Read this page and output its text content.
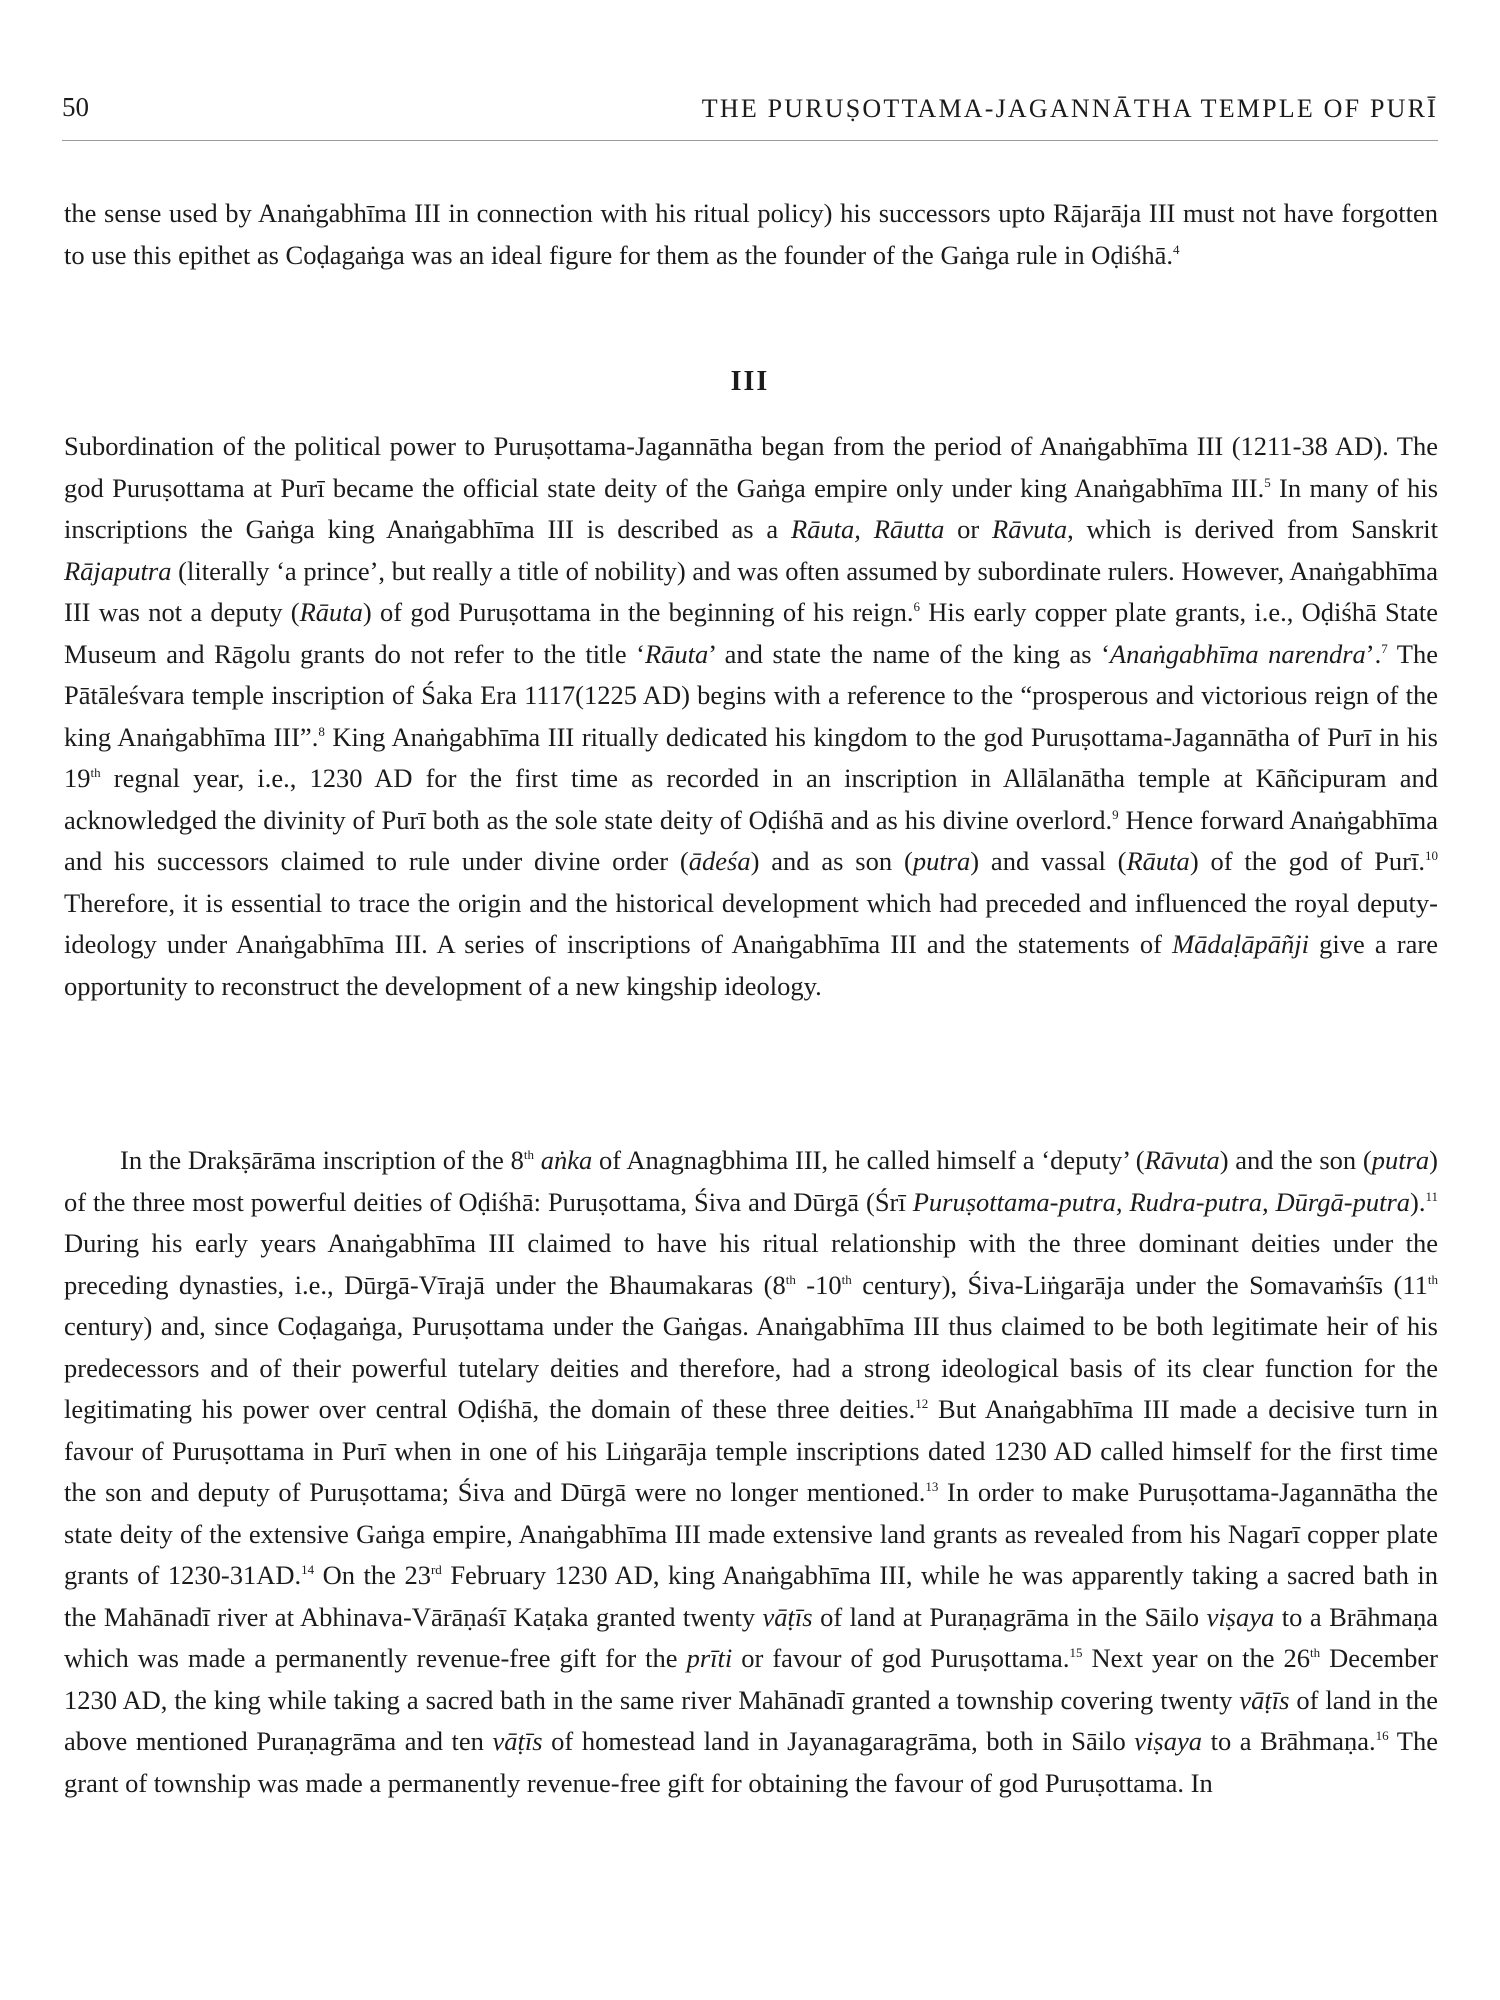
50	THE PURUṢOTTAMA-JAGANNĀTHA TEMPLE OF PURĪ

the sense used by Anaṅgabhīma III in connection with his ritual policy) his successors upto Rājarāja III must not have forgotten to use this epithet as Coḍagaṅga was an ideal figure for them as the founder of the Gaṅga rule in Oḍiśhā.$^4$

III

Subordination of the political power to Puruṣottama-Jagannātha began from the period of Anaṅgabhīma III (1211-38 AD). The god Puruṣottama at Purī became the official state deity of the Gaṅga empire only under king Anaṅgabhīma III.$^5$ In many of his inscriptions the Gaṅga king Anaṅgabhīma III is described as a Rāuta, Rāutta or Rāvuta, which is derived from Sanskrit Rājaputra (literally ‘a prince’, but really a title of nobility) and was often assumed by subordinate rulers. However, Anaṅgabhīma III was not a deputy (Rāuta) of god Puruṣottama in the beginning of his reign.$^6$ His early copper plate grants, i.e., Oḍiśhā State Museum and Rāgolu grants do not refer to the title ‘Rāuta’ and state the name of the king as ‘Anaṅgabhīma narendra’.$^7$ The Pātāleśvara temple inscription of Śaka Era 1117(1225 AD) begins with a reference to the “prosperous and victorious reign of the king Anaṅgabhīma III”.$^8$ King Anaṅgabhīma III ritually dedicated his kingdom to the god Puruṣottama-Jagannātha of Purī in his 19th regnal year, i.e., 1230 AD for the first time as recorded in an inscription in Allālanātha temple at Kāñcipuram and acknowledged the divinity of Purī both as the sole state deity of Oḍiśhā and as his divine overlord.$^9$ Hence forward Anaṅgabhīma and his successors claimed to rule under divine order (ādeśa) and as son (putra) and vassal (Rāuta) of the god of Purī.$^{10}$ Therefore, it is essential to trace the origin and the historical development which had preceded and influenced the royal deputy-ideology under Anaṅgabhīma III. A series of inscriptions of Anaṅgabhīma III and the statements of Mādaḷāpāñji give a rare opportunity to reconstruct the development of a new kingship ideology.

In the Drakṣārāma inscription of the 8th aṅka of Anagnagbhima III, he called himself a ‘deputy’ (Rāvuta) and the son (putra) of the three most powerful deities of Oḍiśhā: Puruṣottama, Śiva and Dūrgā (Śrī Puruṣottama-putra, Rudra-putra, Dūrgā-putra).$^{11}$ During his early years Anaṅgabhīma III claimed to have his ritual relationship with the three dominant deities under the preceding dynasties, i.e., Dūrgā-Vīrajā under the Bhaumakaras (8th -10th century), Śiva-Liṅgarāja under the Somavaṁśīs (11th century) and, since Coḍagaṅga, Puruṣottama under the Gaṅgas. Anaṅgabhīma III thus claimed to be both legitimate heir of his predecessors and of their powerful tutelary deities and therefore, had a strong ideological basis of its clear function for the legitimating his power over central Oḍiśhā, the domain of these three deities.$^{12}$ But Anaṅgabhīma III made a decisive turn in favour of Puruṣottama in Purī when in one of his Liṅgarāja temple inscriptions dated 1230 AD called himself for the first time the son and deputy of Puruṣottama; Śiva and Dūrgā were no longer mentioned.$^{13}$ In order to make Puruṣottama-Jagannātha the state deity of the extensive Gaṅga empire, Anaṅgabhīma III made extensive land grants as revealed from his Nagarī copper plate grants of 1230-31AD.$^{14}$ On the 23rd February 1230 AD, king Anaṅgabhīma III, while he was apparently taking a sacred bath in the Mahānadī river at Abhinava-Vārāṇaśī Kaṭaka granted twenty vāṭīs of land at Puraṇagrāma in the Sāilo viṣaya to a Brāhmaṇa which was made a permanently revenue-free gift for the prīti or favour of god Puruṣottama.$^{15}$ Next year on the 26th December 1230 AD, the king while taking a sacred bath in the same river Mahānadī granted a township covering twenty vāṭīs of land in the above mentioned Puraṇagrāma and ten vāṭīs of homestead land in Jayanagaragrāma, both in Sāilo viṣaya to a Brāhmaṇa.$^{16}$ The grant of township was made a permanently revenue-free gift for obtaining the favour of god Puruṣottama. In
